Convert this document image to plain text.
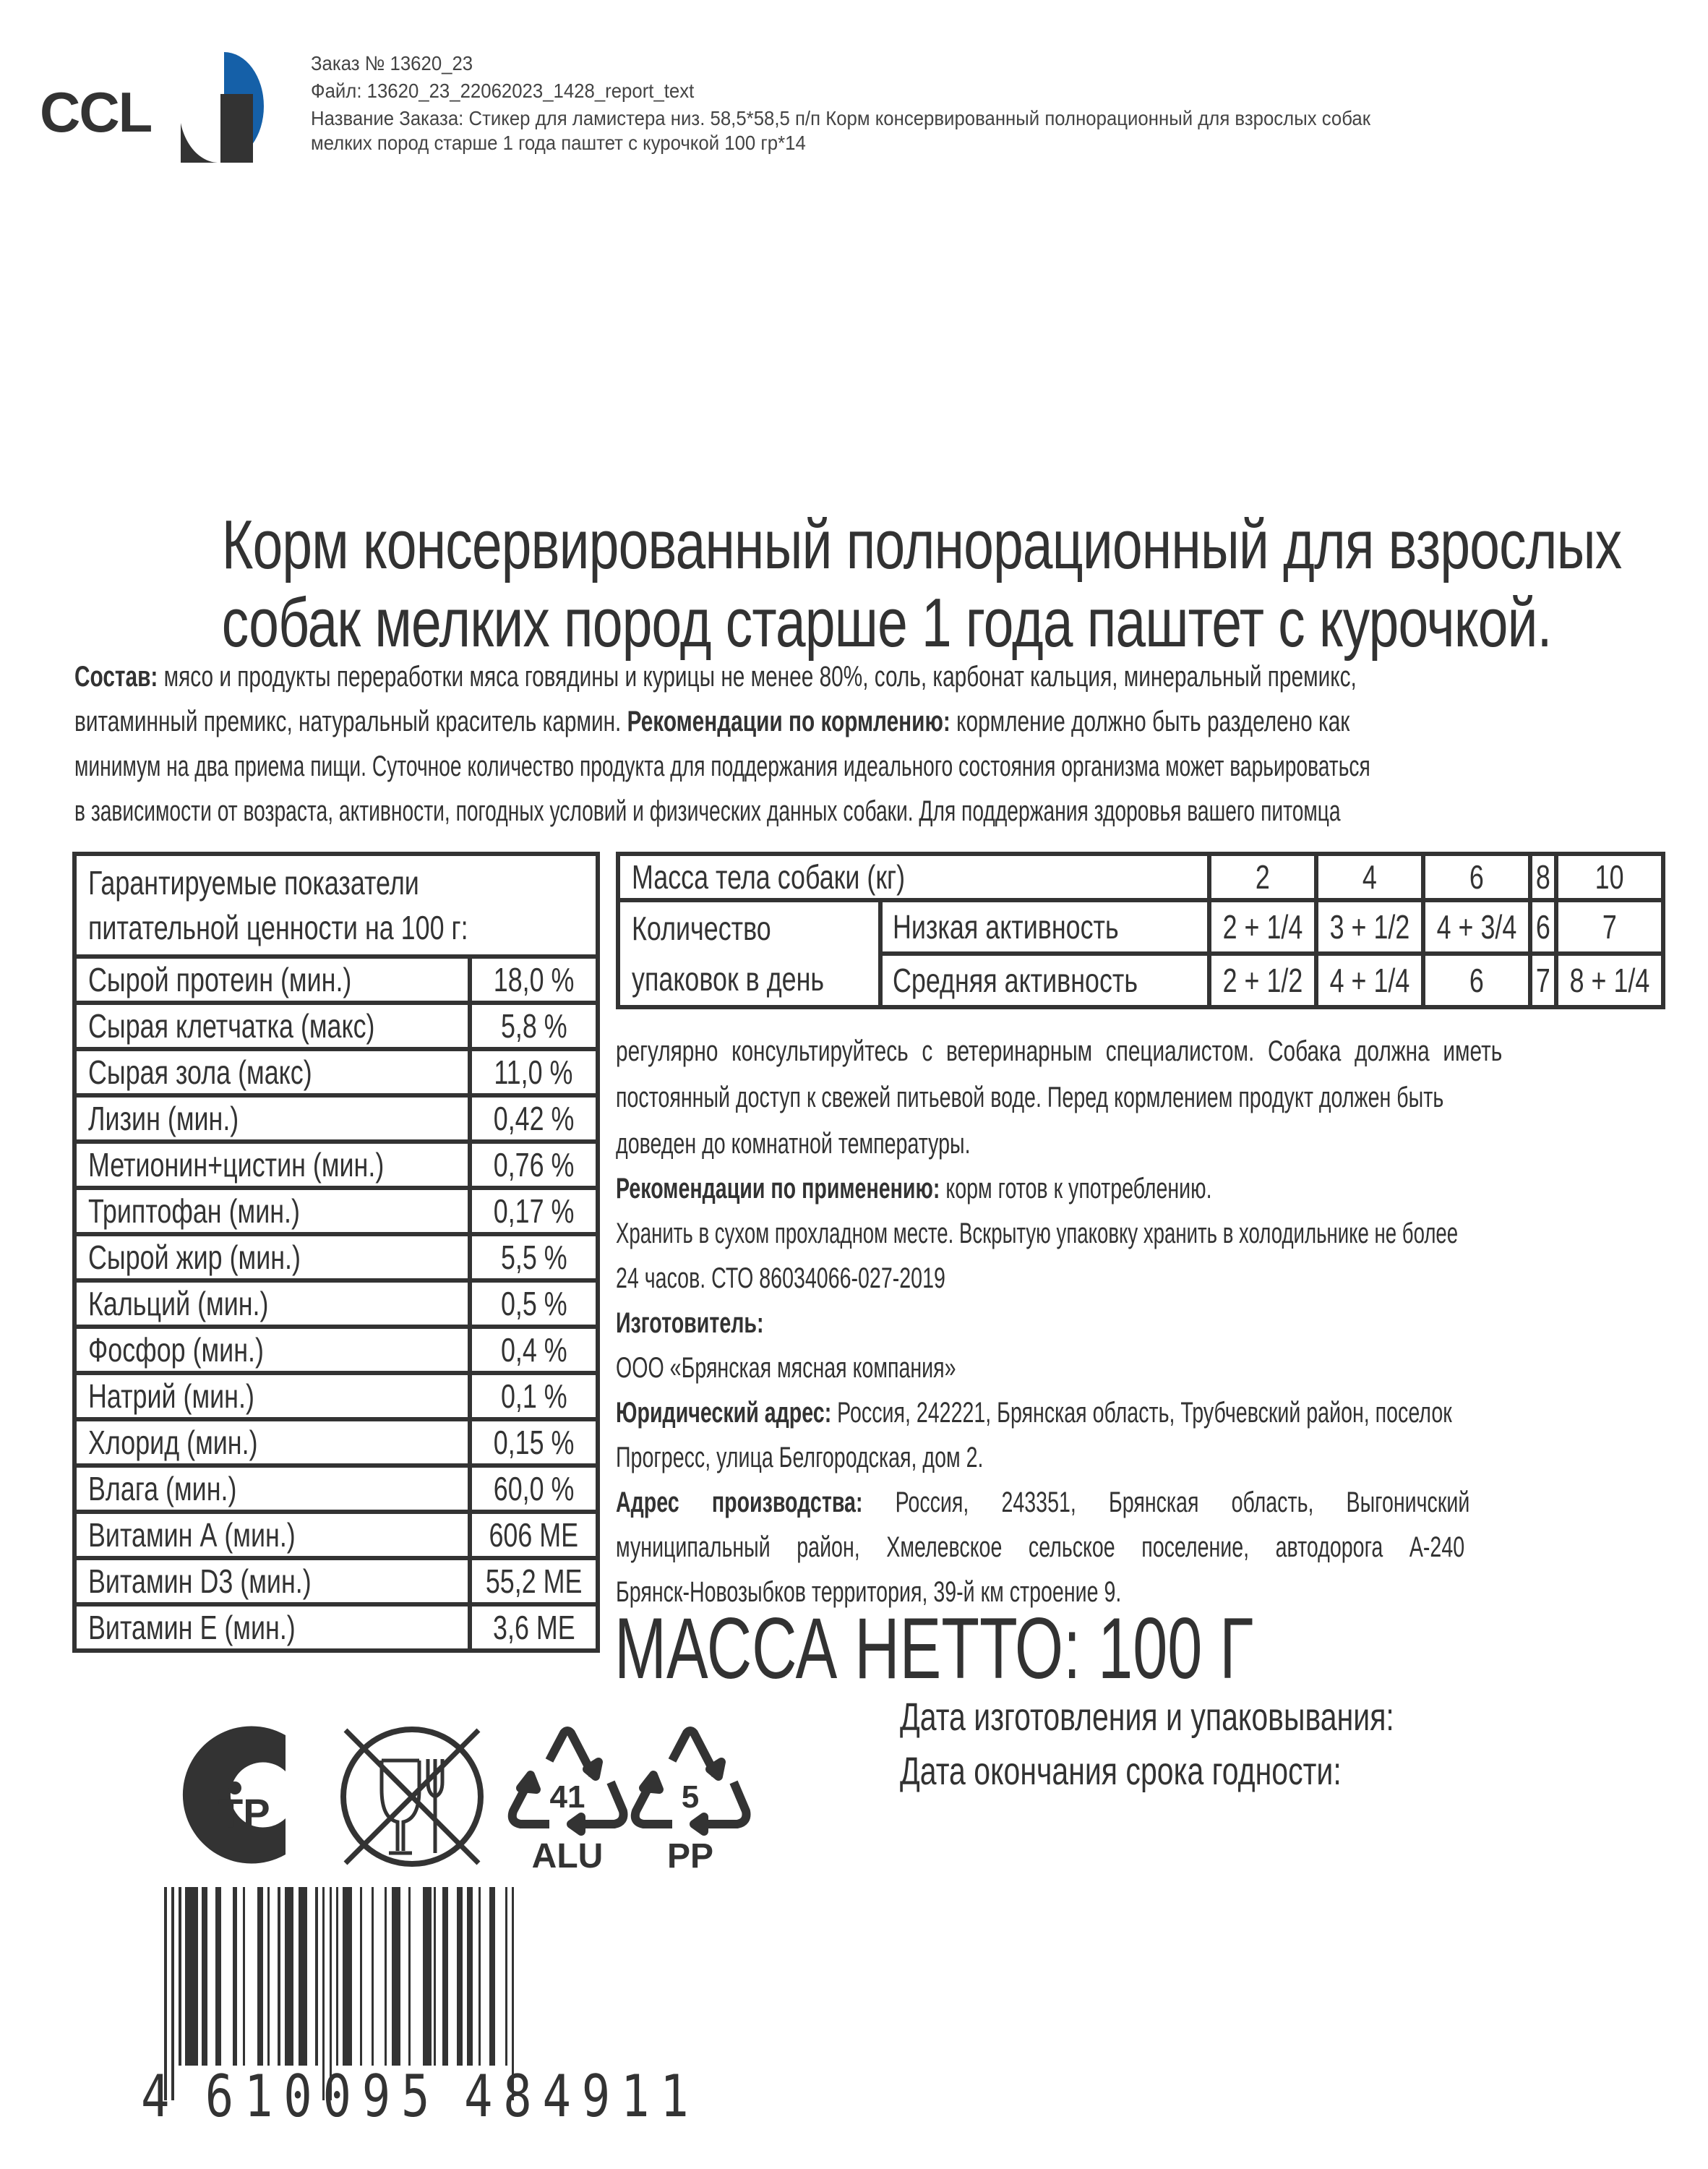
CCL
Заказ № 13620_23
Файл: 13620_23_22062023_1428_report_text
Название Заказа: Стикер для ламистера низ. 58,5*58,5 п/п Корм консервированный полнорационный для взрослых собак
мелких пород старше 1 года паштет с курочкой 100 гр*14
Корм консервированный полнорационный для взрослых
собак мелких пород старше 1 года паштет с курочкой.
Состав: мясо и продукты переработки мяса говядины и курицы не менее 80%, соль, карбонат кальция, минеральный премикс,
витаминный премикс, натуральный краситель кармин. Рекомендации по кормлению: кормление должно быть разделено как
минимум на два приема пищи. Суточное количество продукта для поддержания идеального состояния организма может варьироваться
в зависимости от возраста, активности, погодных условий и физических данных собаки. Для поддержания здоровья вашего питомца
Гарантируемые показатели
питательной ценности на 100 г:	
Сырой протеин (мин.)	18,0 %
Сырая клетчатка (макс)	5,8 %
Сырая зола (макс)	11,0 %
Лизин (мин.)	0,42 %
Метионин+цистин (мин.)	0,76 %
Триптофан (мин.)	0,17 %
Сырой жир (мин.)	5,5 %
Кальций (мин.)	0,5 %
Фосфор (мин.)	0,4 %
Натрий (мин.)	0,1 %
Хлорид (мин.)	0,15 %
Влага (мин.)	60,0 %
Витамин А (мин.)	606 МЕ
Витамин D3 (мин.)	55,2 МЕ
Витамин Е (мин.)	3,6 МЕ
Масса тела собаки (кг)		2	4	6	8	10
Количество
упаковок в день	Низкая активность	2 + 1/4	3 + 1/2	4 + 3/4	6	7
	Средняя активность	2 + 1/2	4 + 1/4	6	7	8 + 1/4
регулярно консультируйтесь с ветеринарным специалистом. Собака должна иметь
постоянный доступ к свежей питьевой воде. Перед кормлением продукт должен быть
доведен до комнатной температуры.
Рекомендации по применению: корм готов к употреблению.
Хранить в сухом прохладном месте. Вскрытую упаковку хранить в холодильнике не более
24 часов. СТО 86034066-027-2019
Изготовитель:
ООО «Брянская мясная компания»
Юридический адрес: Россия, 242221, Брянская область, Трубчевский район, поселок
Прогресс, улица Белгородская, дом 2.
Адрес производства: Россия, 243351, Брянская область, Выгоничский
муниципальный район, Хмелевское сельское поселение, автодорога А-240
Брянск-Новозыбков территория, 39-й км строение 9.
МАССА НЕТТО: 100 Г
Дата изготовления и упаковывания:
Дата окончания срока годности:
ТР	41
ALU
5
PP
4 610095 484911
